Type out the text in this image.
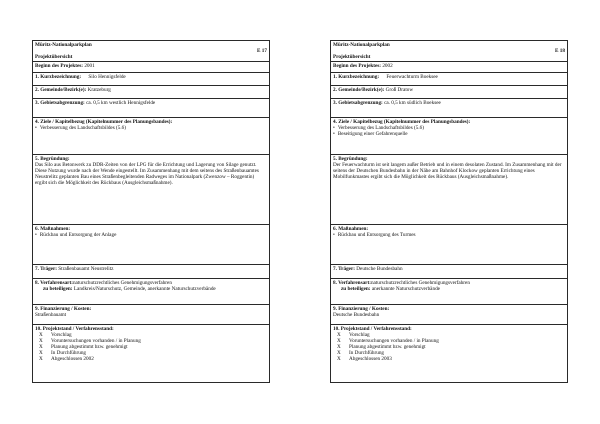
Müritz-Nationalparkplan
E 17
Projektübersicht
Beginn des Projektes: 2001
1. Kurzbezeichnung: Silo Hennigsfelde
2. Gemeinde/Bezirk(e): Kratzeburg
3. Gebietsabgrenzung: ca. 0,5 km westlich Hennigsfelde
4. Ziele / Kapitelbezug (Kapitelnummer des Planungsbandes):
• Verbesserung des Landschaftsbildes (5.6)
5. Begründung:
Das Silo aus Betonwerk zu DDR-Zeiten von der LPG für die Errichtung und Lagerung von Silage genutzt. Diese Nutzung wurde nach der Wende eingestellt. Im Zusammenhang mit dem seitens des Straßenbauamtes Neustrelitz geplanten Bau eines Straßenbegleitenden Radweges im Nationalpark (Zwenzow – Roggentin) ergibt sich die Möglichkeit des Rückbaus (Ausgleichsmaßnahme).
6. Maßnahmen:
• Rückbau und Entsorgung der Anlage
7. Träger: Straßenbauamt Neustrelitz
8. Verfahrensart:naturschutzrechtliches Genehmigungsverfahren
zu beteiligen: Landkreis/Naturschutz, Gemeinde, anerkannte Naturschutzverbände
9. Finanzierung / Kosten:
Straßenbauamt
10. Projektstand / Verfahrensstand:
X	Vorschlag
X	Voruntersuchungen vorhanden / in Planung
X	Planung abgestimmt bzw. genehmigt
X	In Durchführung
X	Abgeschlossen 2002
Müritz-Nationalparkplan
E 18
Projektübersicht
Beginn des Projektes: 2002
1. Kurzbezeichnung: Feuerwachturm Boeksee
2. Gemeinde/Bezirk(e): Groß Dratow
3. Gebietsabgrenzung: ca. 0,5 km südlich Boeksee
4. Ziele / Kapitelbezug (Kapitelnummer des Planungsbandes):
• Verbesserung des Landschaftsbildes (5.6)
• Beseitigung einer Gefahrenquelle
5. Begründung:
Der Feuerwachturm ist seit langem außer Betrieb und in einem desolaten Zustand. Im Zusammenhang mit der seitens der Deutschen Bundesbahn in der Nähe am Bahnhof Klockow geplanten Errichtung eines Mobilfunkmastes ergibt sich die Möglichkeit des Rückbaus (Ausgleichsmaßnahme).
6. Maßnahmen:
• Rückbau und Entsorgung des Turmes
7. Träger: Deutsche Bundesbahn
8. Verfahrensart:naturschutzrechtliches Genehmigungsverfahren
zu beteiligen: anerkannte Naturschutzverbände
9. Finanzierung / Kosten:
Deutsche Bundesbahn
10. Projektstand / Verfahrensstand:
X	Vorschlag
X	Voruntersuchungen vorhanden / in Planung
X	Planung abgestimmt bzw. genehmigt
X	In Durchführung
X	Abgeschlossen 2003
